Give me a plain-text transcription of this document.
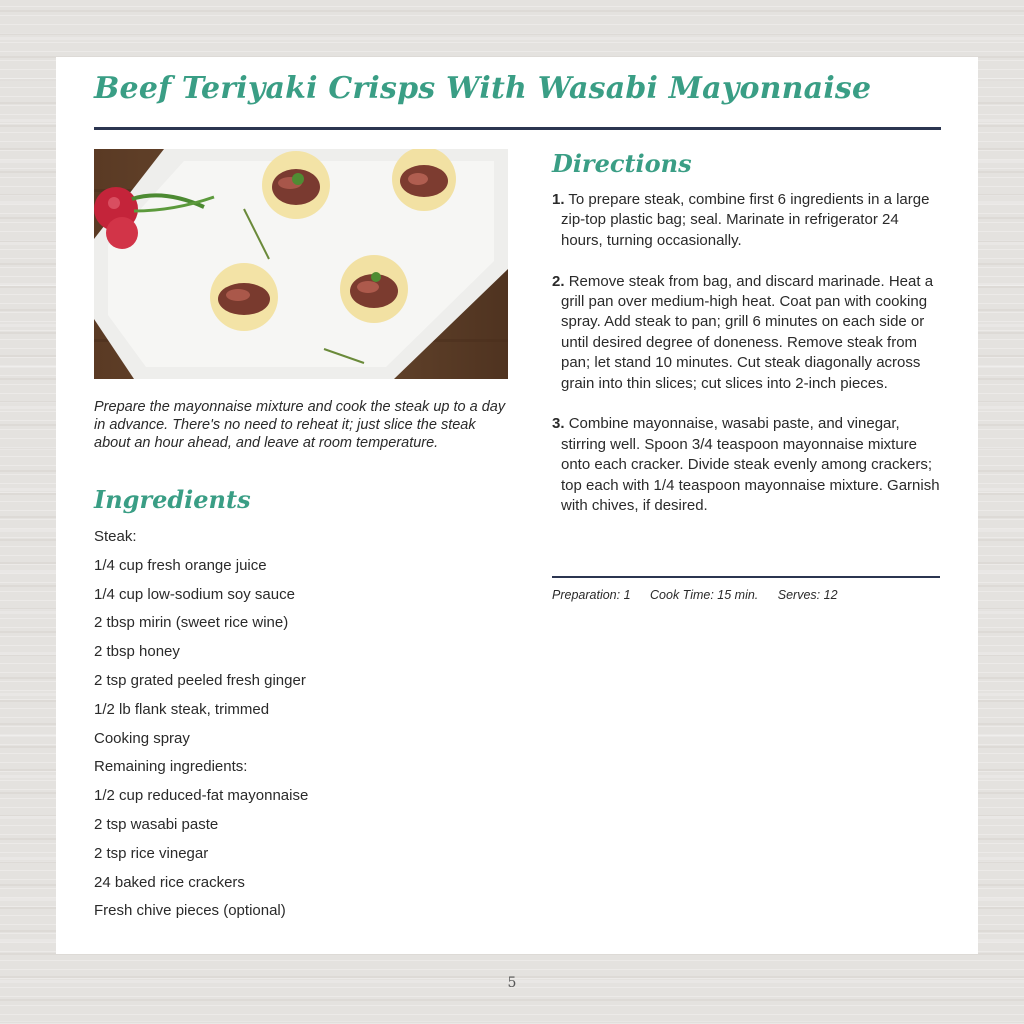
Beef Teriyaki Crisps With Wasabi Mayonnaise

Prepare the mayonnaise mixture and cook the steak up to a day in advance. There's no need to reheat it; just slice the steak about an hour ahead, and leave at room temperature.

Ingredients
Steak:
1/4 cup fresh orange juice
1/4 cup low-sodium soy sauce
2 tbsp mirin (sweet rice wine)
2 tbsp honey
2 tsp grated peeled fresh ginger
1/2 lb flank steak, trimmed
Cooking spray
Remaining ingredients:
1/2 cup reduced-fat mayonnaise
2 tsp wasabi paste
2 tsp rice vinegar
24 baked rice crackers
Fresh chive pieces (optional)
Directions
1. To prepare steak, combine first 6 ingredients in a large zip-top plastic bag; seal. Marinate in refrigerator 24 hours, turning occasionally.
2. Remove steak from bag, and discard marinade. Heat a grill pan over medium-high heat. Coat pan with cooking spray. Add steak to pan; grill 6 minutes on each side or until desired degree of doneness. Remove steak from pan; let stand 10 minutes. Cut steak diagonally across grain into thin slices; cut slices into 2-inch pieces.
3. Combine mayonnaise, wasabi paste, and vinegar, stirring well. Spoon 3/4 teaspoon mayonnaise mixture onto each cracker. Divide steak evenly among crackers; top each with 1/4 teaspoon mayonnaise mixture. Garnish with chives, if desired.
Preparation: 1 Cook Time: 15 min. Serves: 12
5
